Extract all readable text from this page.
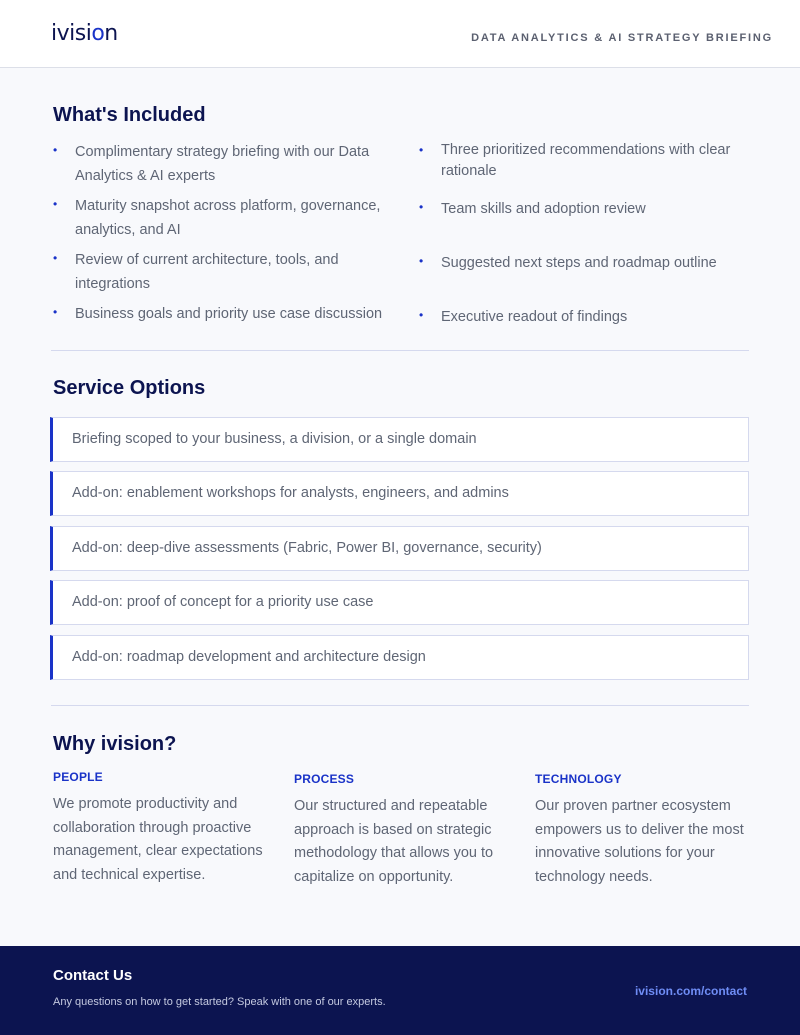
ivision	DATA ANALYTICS & AI STRATEGY BRIEFING
What's Included
• Complimentary strategy briefing with our Data Analytics & AI experts
• Maturity snapshot across platform, governance, analytics, and AI
• Review of current architecture, tools, and integrations
• Business goals and priority use case discussion
• Three prioritized recommendations with clear rationale
• Team skills and adoption review
• Suggested next steps and roadmap outline
• Executive readout of findings
Service Options
Briefing scoped to your business, a division, or a single domain
Add-on: enablement workshops for analysts, engineers, and admins
Add-on: deep-dive assessments (Fabric, Power BI, governance, security)
Add-on: proof of concept for a priority use case
Add-on: roadmap development and architecture design
Why ivision?
PEOPLE
We promote productivity and collaboration through proactive management, clear expectations and technical expertise.
PROCESS
Our structured and repeatable approach is based on strategic methodology that allows you to capitalize on opportunity.
TECHNOLOGY
Our proven partner ecosystem empowers us to deliver the most innovative solutions for your technology needs.
Contact Us
Any questions on how to get started? Speak with one of our experts.
ivision.com/contact
